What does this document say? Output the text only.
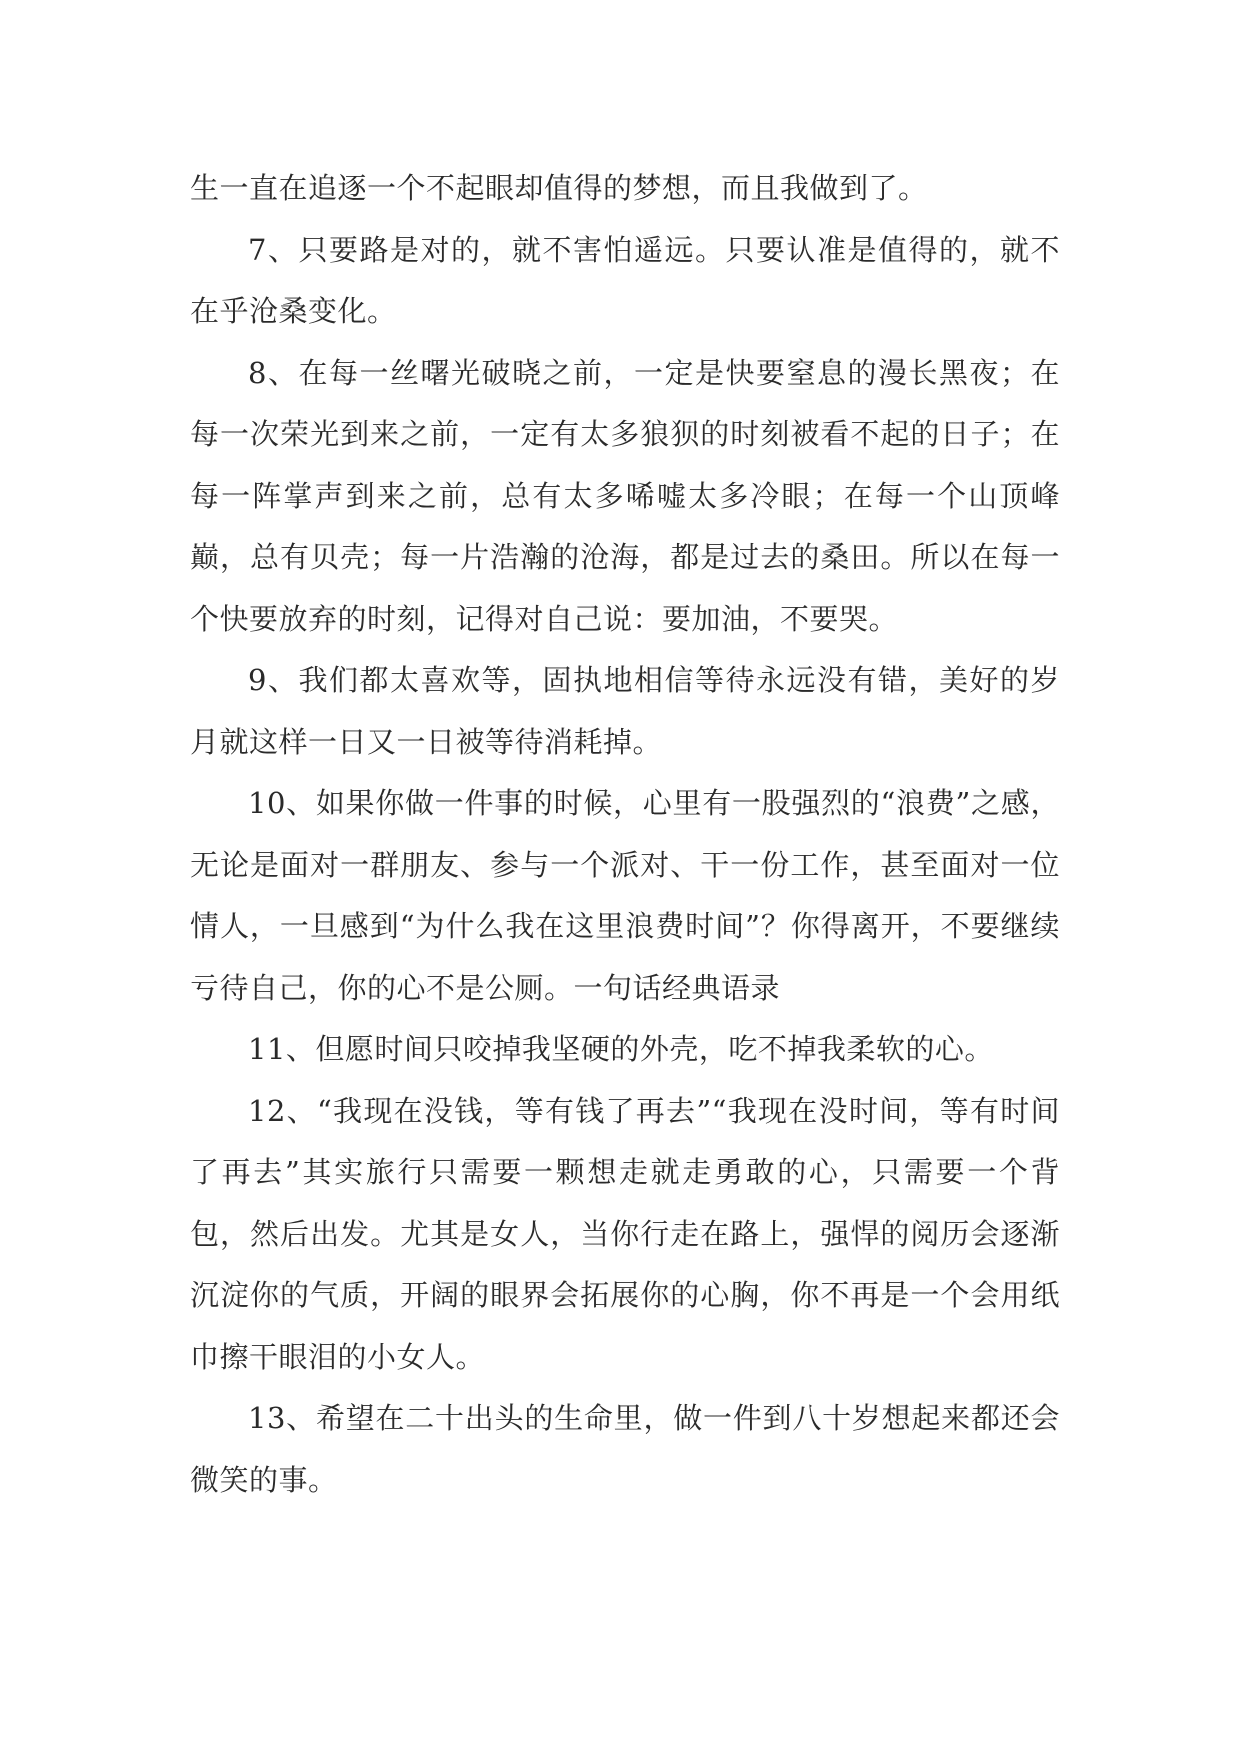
生一直在追逐一个不起眼却值得的梦想，而且我做到了。

7、只要路是对的，就不害怕遥远。只要认准是值得的，就不在乎沧桑变化。

8、在每一丝曙光破晓之前，一定是快要窒息的漫长黑夜；在每一次荣光到来之前，一定有太多狼狈的时刻被看不起的日子；在每一阵掌声到来之前，总有太多唏嘘太多冷眼；在每一个山顶峰巅，总有贝壳；每一片浩瀚的沧海，都是过去的桑田。所以在每一个快要放弃的时刻，记得对自己说：要加油，不要哭。

9、我们都太喜欢等，固执地相信等待永远没有错，美好的岁月就这样一日又一日被等待消耗掉。

10、如果你做一件事的时候，心里有一股强烈的“浪费”之感，无论是面对一群朋友、参与一个派对、干一份工作，甚至面对一位情人，一旦感到“为什么我在这里浪费时间”？你得离开，不要继续亏待自己，你的心不是公厕。一句话经典语录

11、但愿时间只咬掉我坚硬的外壳，吃不掉我柔软的心。

12、“我现在没钱，等有钱了再去”“我现在没时间，等有时间了再去”其实旅行只需要一颗想走就走勇敢的心，只需要一个背包，然后出发。尤其是女人，当你行走在路上，强悍的阅历会逐渐沉淀你的气质，开阔的眼界会拓展你的心胸，你不再是一个会用纸巾擦干眼泪的小女人。

13、希望在二十出头的生命里，做一件到八十岁想起来都还会微笑的事。
